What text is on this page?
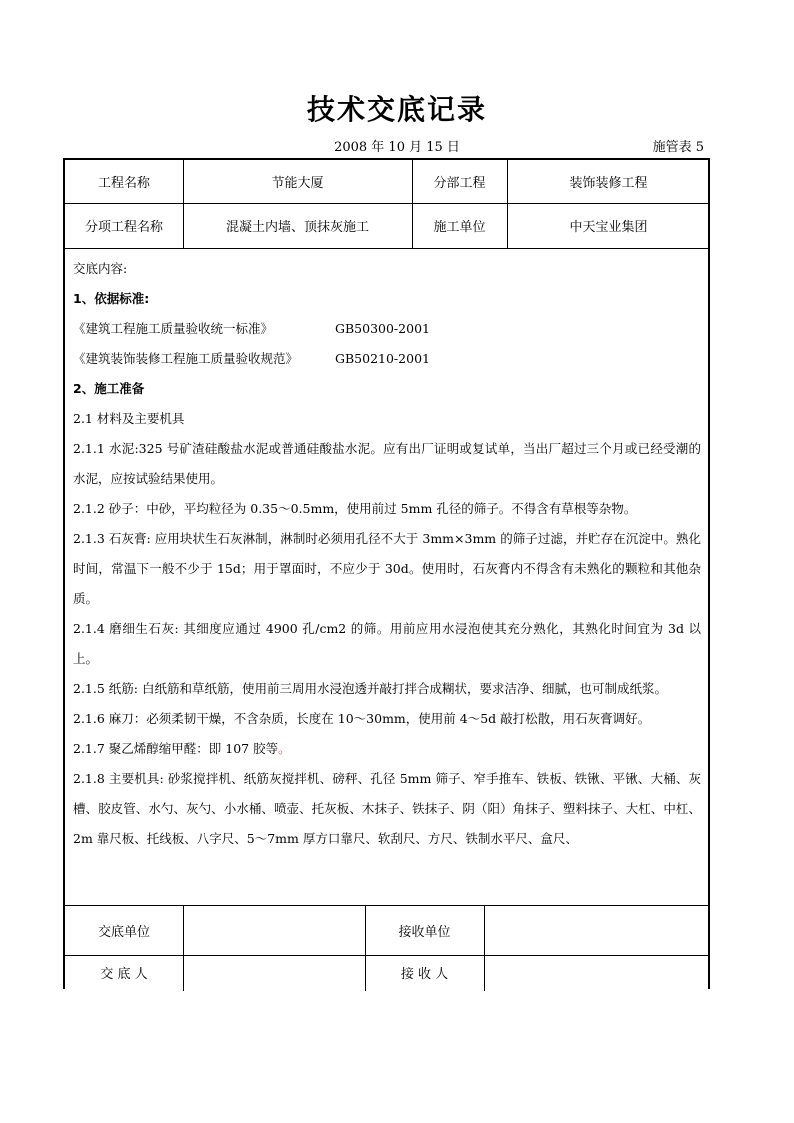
技术交底记录
2008 年 10 月 15 日	施管表 5
工程名称	节能大厦	分部工程	装饰装修工程
分项工程名称	混凝土内墙、顶抹灰施工	施工单位	中天宝业集团

交底内容:

1、依据标准:

《建筑工程施工质量验收统一标准》	GB50300-2001

《建筑装饰装修工程施工质量验收规范》	GB50210-2001

2、施工准备

2.1 材料及主要机具

2.1.1 水泥:325 号矿渣硅酸盐水泥或普通硅酸盐水泥。应有出厂证明或复试单，当出厂超过三个月或已经受潮的水泥，应按试验结果使用。

2.1.2 砂子：中砂，平均粒径为 0.35～0.5mm，使用前过 5mm 孔径的筛子。不得含有草根等杂物。

2.1.3 石灰膏: 应用块状生石灰淋制，淋制时必须用孔径不大于 3mm×3mm 的筛子过滤，并贮存在沉淀中。熟化时间，常温下一般不少于 15d；用于罩面时，不应少于 30d。使用时，石灰膏内不得含有未熟化的颗粒和其他杂质。

2.1.4 磨细生石灰: 其细度应通过 4900 孔/cm2 的筛。用前应用水浸泡使其充分熟化，其熟化时间宜为 3d 以上。

2.1.5 纸筋: 白纸筋和草纸筋，使用前三周用水浸泡透并敲打拌合成糊状，要求洁净、细腻，也可制成纸浆。

2.1.6 麻刀：必须柔韧干燥，不含杂质，长度在 10～30mm，使用前 4～5d 敲打松散，用石灰膏调好。

2.1.7 聚乙烯醇缩甲醛：即 107 胶等。

2.1.8 主要机具: 砂浆搅拌机、纸筋灰搅拌机、磅秤、孔径 5mm 筛子、窄手推车、铁板、铁锹、平锹、大桶、灰槽、胶皮管、水勺、灰勺、小水桶、喷壶、托灰板、木抹子、铁抹子、阴（阳）角抹子、塑料抹子、大杠、中杠、2m 靠尺板、托线板、八字尺、5～7mm 厚方口靠尺、软刮尺、方尺、铁制水平尺、盒尺、

交底单位	接收单位
交 底 人	接 收 人
